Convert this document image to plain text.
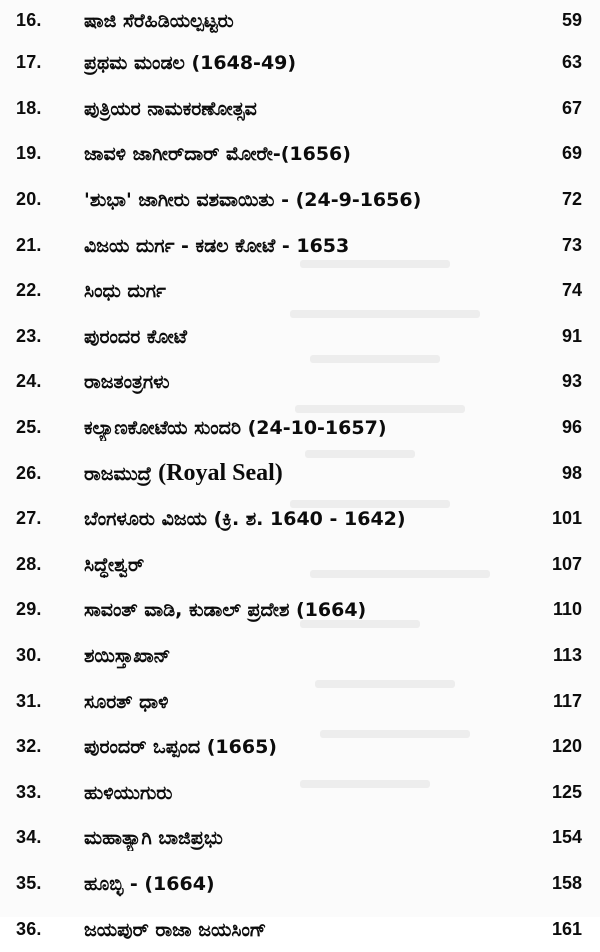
16.	ಷಾಜಿ ಸೆರೆಹಿಡಿಯಲ್ಪಟ್ಟರು	59
17.	ಪ್ರಥಮ ಮಂಡಲ (1648-49)	63
18.	ಪುತ್ರಿಯರ ನಾಮಕರಣೋತ್ಸವ	67
19.	ಜಾವಳಿ ಜಾಗೀರ್‌ದಾರ್ ಮೋರೇ-(1656)	69
20.	'ಶುಭಾ' ಜಾಗೀರು ವಶವಾಯಿತು - (24-9-1656)	72
21.	ವಿಜಯ ದುರ್ಗ - ಕಡಲ ಕೋಟೆ - 1653	73
22.	ಸಿಂಧು ದುರ್ಗ	74
23.	ಪುರಂದರ ಕೋಟೆ	91
24.	ರಾಜತಂತ್ರಗಳು	93
25.	ಕಲ್ಯಾಣಕೋಟೆಯ ಸುಂದರಿ (24-10-1657)	96
26.	ರಾಜಮುದ್ರೆ (Royal Seal)	98
27.	ಬೆಂಗಳೂರು ವಿಜಯ (ಕ್ರಿ. ಶ. 1640 - 1642)	101
28.	ಸಿದ್ಧೇಶ್ವರ್	107
29.	ಸಾವಂತ್ ವಾಡಿ, ಕುಡಾಲ್ ಪ್ರದೇಶ (1664)	110
30.	ಶಯಿಸ್ತಾಖಾನ್	113
31.	ಸೂರತ್ ಧಾಳಿ	117
32.	ಪುರಂದರ್ ಒಪ್ಪಂದ (1665)	120
33.	ಹುಳಿಯುಗುರು	125
34.	ಮಹಾತ್ಯಾಗಿ ಬಾಜಿಪ್ರಭು	154
35.	ಹೂಬ್ಳಿ - (1664)	158
36.	ಜಯಪುರ್ ರಾಜಾ ಜಯಸಿಂಗ್	161
